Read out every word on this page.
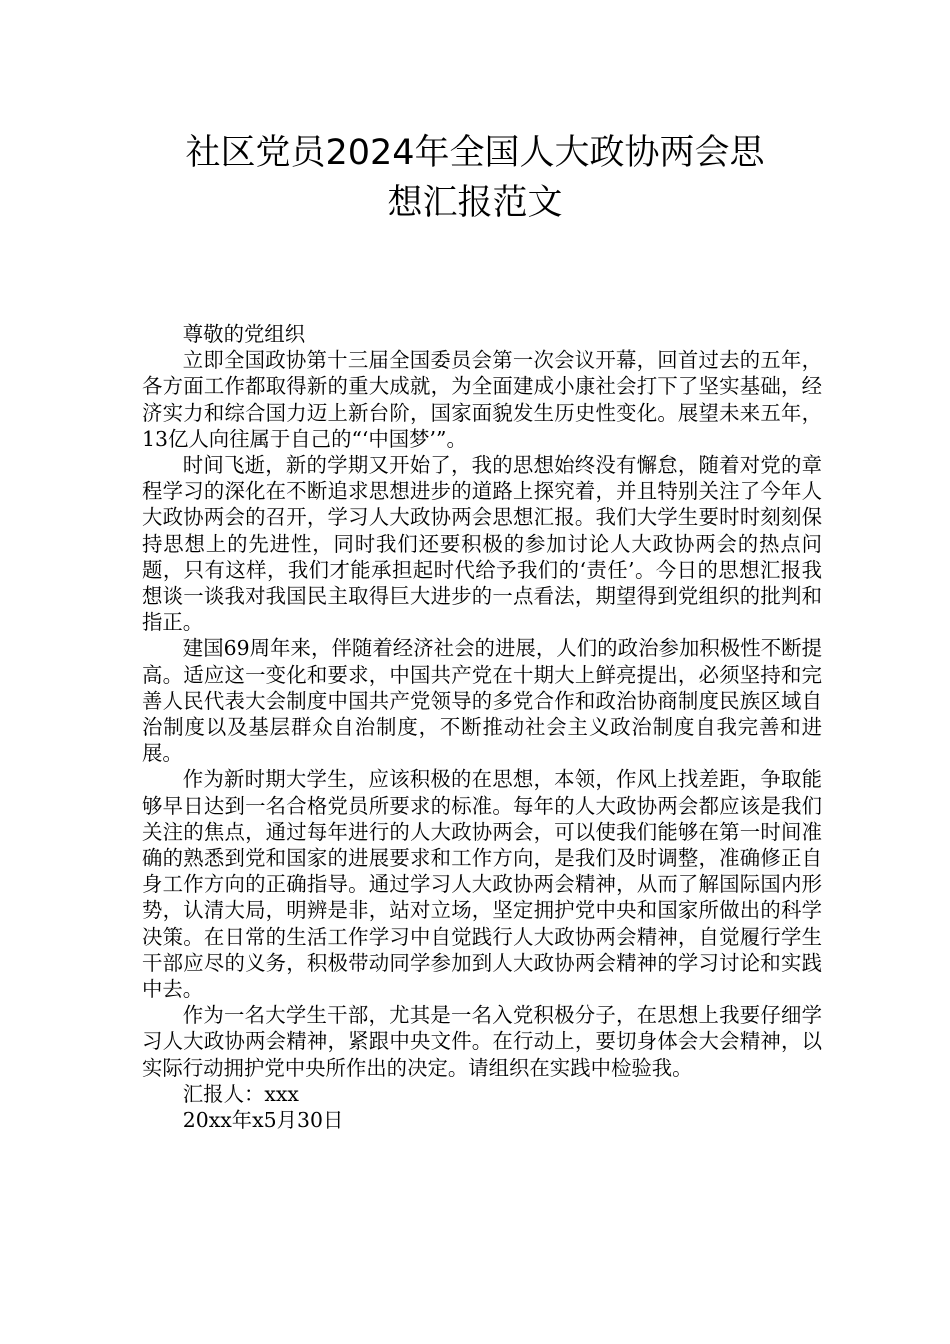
社区党员2024年全国人大政协两会思
想汇报范文

尊敬的党组织

立即全国政协第十三届全国委员会第一次会议开幕，回首过去的五年，各方面工作都取得新的重大成就，为全面建成小康社会打下了坚实基础，经济实力和综合国力迈上新台阶，国家面貌发生历史性变化。展望未来五年，13亿人向往属于自己的“‘中国梦’”。

时间飞逝，新的学期又开始了，我的思想始终没有懈怠，随着对党的章程学习的深化在不断追求思想进步的道路上探究着，并且特别关注了今年人大政协两会的召开，学习人大政协两会思想汇报。我们大学生要时时刻刻保持思想上的先进性，同时我们还要积极的参加讨论人大政协两会的热点问题，只有这样，我们才能承担起时代给予我们的‘责任’。今日的思想汇报我想谈一谈我对我国民主取得巨大进步的一点看法，期望得到党组织的批判和指正。

建国69周年来，伴随着经济社会的进展，人们的政治参加积极性不断提高。适应这一变化和要求，中国共产党在十期大上鲜亮提出，必须坚持和完善人民代表大会制度中国共产党领导的多党合作和政治协商制度民族区域自治制度以及基层群众自治制度，不断推动社会主义政治制度自我完善和进展。

作为新时期大学生，应该积极的在思想，本领，作风上找差距，争取能够早日达到一名合格党员所要求的标准。每年的人大政协两会都应该是我们关注的焦点，通过每年进行的人大政协两会，可以使我们能够在第一时间准确的熟悉到党和国家的进展要求和工作方向，是我们及时调整，准确修正自身工作方向的正确指导。通过学习人大政协两会精神，从而了解国际国内形势，认清大局，明辨是非，站对立场，坚定拥护党中央和国家所做出的科学决策。在日常的生活工作学习中自觉践行人大政协两会精神，自觉履行学生干部应尽的义务，积极带动同学参加到人大政协两会精神的学习讨论和实践中去。

作为一名大学生干部，尤其是一名入党积极分子，在思想上我要仔细学习人大政协两会精神，紧跟中央文件。在行动上，要切身体会大会精神，以实际行动拥护党中央所作出的决定。请组织在实践中检验我。

汇报人：xxx

20xx年x5月30日
